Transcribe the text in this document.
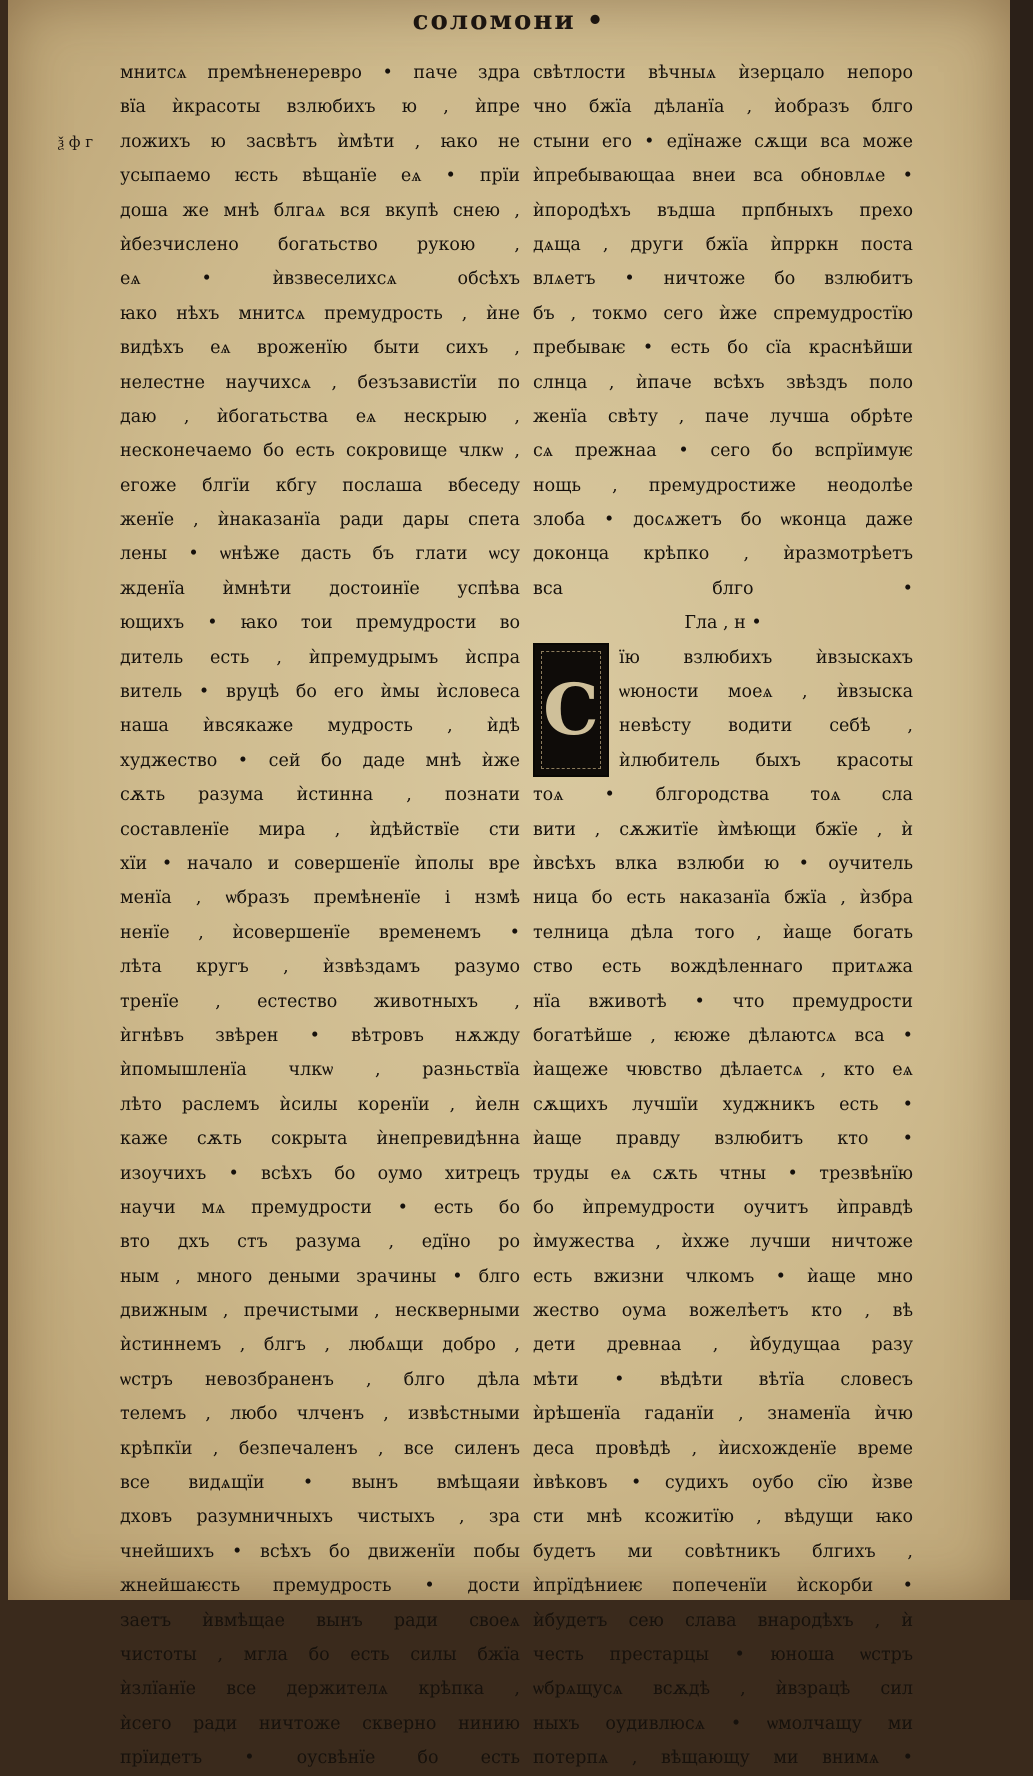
соломони •
ѯ ф г
мнитсѧ премѣненеревро • паче здра
вїа ѝкрасоты взлюбихъ ю , ѝпре
ложихъ ю засвѣтъ ѝмѣти , ꙗко не
усыпаемо ѥсть вѣщанїе еѧ • прїи
доша же мнѣ блгаѧ вся вкупѣ снею ,
ѝбезчислено богатьство рукою ,
еѧ • ѝвзвеселихсѧ обсѣхъ
ꙗко нѣхъ мнитсѧ премудрость , ѝне
видѣхъ еѧ вроженїю быти сихъ ,
нелестне научихсѧ , безъзавистїи по
даю , ѝбогатьства еѧ нескрыю ,
несконечаемо бо есть сокровище члкѡ ,
егоже блгїи кбгу послаша вбеседу
женїе , ѝнаказанїа ради дары спета
лены • ѡнѣже дасть бъ глати ѡсу
жденїа ѝмнѣти достоинїе успѣва
ющихъ • ꙗко тои премудрости во
дитель есть , ѝпремудрымъ ѝспра
витель • вруцѣ бо его ѝмы ѝсловеса
наша ѝвсякаже мудрость , ѝдѣ
худжество • сей бо даде мнѣ ѝже
сѫть разума ѝстинна , познати
составленїе мира , ѝдѣйствїе сти
хїи • начало и совершенїе ѝполы вре
менїа , ѡбразъ премѣненїе і нзмѣ
ненїе , ѝсовершенїе временемъ •
лѣта кругъ , ѝзвѣздамъ разумо
тренїе , естество животныхъ ,
ѝгнѣвъ звѣрен • вѣтровъ нѫжду
ѝпомышленїа члкѡ , разньствїа
лѣто раслемъ ѝсилы коренїи , ѝелн
каже сѫть сокрыта ѝнепревидѣнна
изоучихъ • всѣхъ бо оумо хитрецъ
научи мѧ премудрости • есть бо
вто дхъ стъ разума , едїно ро
ным , много деными зрачины • блго
движным , пречистыми , нескверными
ѝстиннемъ , блгъ , любѧщи добро ,
ѡстръ невозбраненъ , блго дѣла
телемъ , любо члченъ , извѣстными
крѣпкїи , безпечаленъ , все силенъ
все видѧщїи • вынъ вмѣщаяи
дховъ разумничныхъ чистыхъ , зра
чнейшихъ • всѣхъ бо движенїи побы
жнейшаѥсть премудрость • дости
заетъ ѝвмѣщае вынъ ради своеѧ
чистоты , мгла бо есть силы бжїа
ѝзлїанїе все держителѧ крѣпка ,
ѝсего ради ничтоже скверно нинию
прїидетъ • оусвѣнїе бо есть
свѣтлости вѣчныѧ ѝзерцало непоро
чно бжїа дѣланїа , ѝобразъ блго
стыни его • едїнаже сѫщи вса може
ѝпребывающаа внеи вса обновлѧе •
ѝпородѣхъ въдша прпбныхъ прехо
дѧща , други бжїа ѝпрркн поста
влѧетъ • ничтоже бо взлюбитъ
бъ , токмо сего ѝже спремудростїю
пребываѥ • есть бо сїа краснѣйши
слнца , ѝпаче всѣхъ звѣздъ поло
женїа свѣту , паче лучша обрѣте
сѧ прежнаа • сего бо вспрїимуѥ
нощь , премудростиже неодолѣе
злоба • досѧжетъ бо ѡконца даже
доконца крѣпко , ѝразмотрѣетъ
вса блго •
Гла , н •
С
їю взлюбихъ ѝвзыскахъ
ѡюности моеѧ , ѝвзыска
невѣсту водити себѣ ,
ѝлюбитель быхъ красоты
тоѧ • блгородства тоѧ сла
вити , сѫжитїе ѝмѣющи бжїе , ѝ
ѝвсѣхъ влка взлюби ю • оучитель
ница бо есть наказанїа бжїа , ѝзбра
телница дѣла того , ѝаще богать
ство есть вождѣленнаго притѧжа
нїа вживотѣ • что премудрости
богатѣйше , ѥюже дѣлаютсѧ вса •
ѝащеже чювство дѣлаетсѧ , кто еѧ
сѫщихъ лучшїи худжникъ есть •
ѝаще правду взлюбитъ кто •
труды еѧ сѫть чтны • трезвѣнїю
бо ѝпремудрости оучитъ ѝправдѣ
ѝмужества , ѝхже лучши ничтоже
есть вжизни члкомъ • ѝаще мно
жество оума вожелѣетъ кто , вѣ
дети древнаа , ѝбудущаа разу
мѣти • вѣдѣти вѣтїа словесъ
ѝрѣшенїа гаданїи , знаменїа ѝчю
деса провѣдѣ , ѝисхожденїе време
ѝвѣковъ • судихъ оубо сїю ѝзве
сти мнѣ ксожитїю , вѣдущи ꙗко
будетъ ми совѣтникъ блгихъ ,
ѝпрїдѣниеѥ попеченїи ѝскорби •
ѝбудетъ сею слава внародѣхъ , ѝ
честь престарцы • юноша ѡстръ
ѡбрѧщусѧ всѫдѣ , ѝвзрацѣ сил
ныхъ оудивлюсѧ • ѡмолчащу ми
потерпѧ , вѣщающу ми внимѧ •
